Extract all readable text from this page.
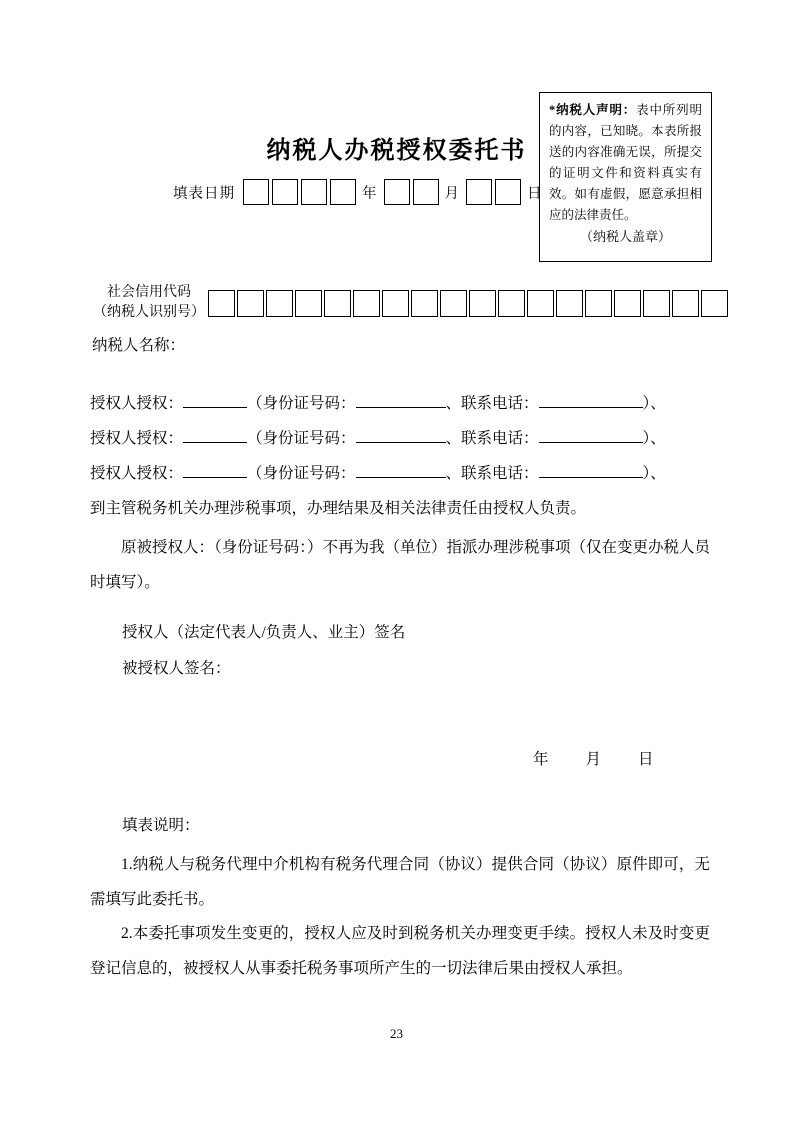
纳税人办税授权委托书
填表日期	年	月	日

*纳税人声明：表中所列明的内容，已知晓。本表所报送的内容准确无误，所提交的证明文件和资料真实有效。如有虚假，愿意承担相应的法律责任。

（纳税人盖章）

社会信用代码
（纳税人识别号）
纳税人名称：
授权人授权：	（身份证号码：	、联系电话：	）、
授权人授权：	（身份证号码：	、联系电话：	）、
授权人授权：	（身份证号码：	、联系电话：	）、
到主管税务机关办理涉税事项，办理结果及相关法律责任由授权人负责。
原被授权人：（身份证号码：）不再为我（单位）指派办理涉税事项（仅在变更办税人员时填写）。
授权人（法定代表人/负责人、业主）签名
被授权人签名：
年 月 日
填表说明：
1.纳税人与税务代理中介机构有税务代理合同（协议）提供合同（协议）原件即可，无需填写此委托书。
2.本委托事项发生变更的，授权人应及时到税务机关办理变更手续。授权人未及时变更登记信息的，被授权人从事委托税务事项所产生的一切法律后果由授权人承担。
23
